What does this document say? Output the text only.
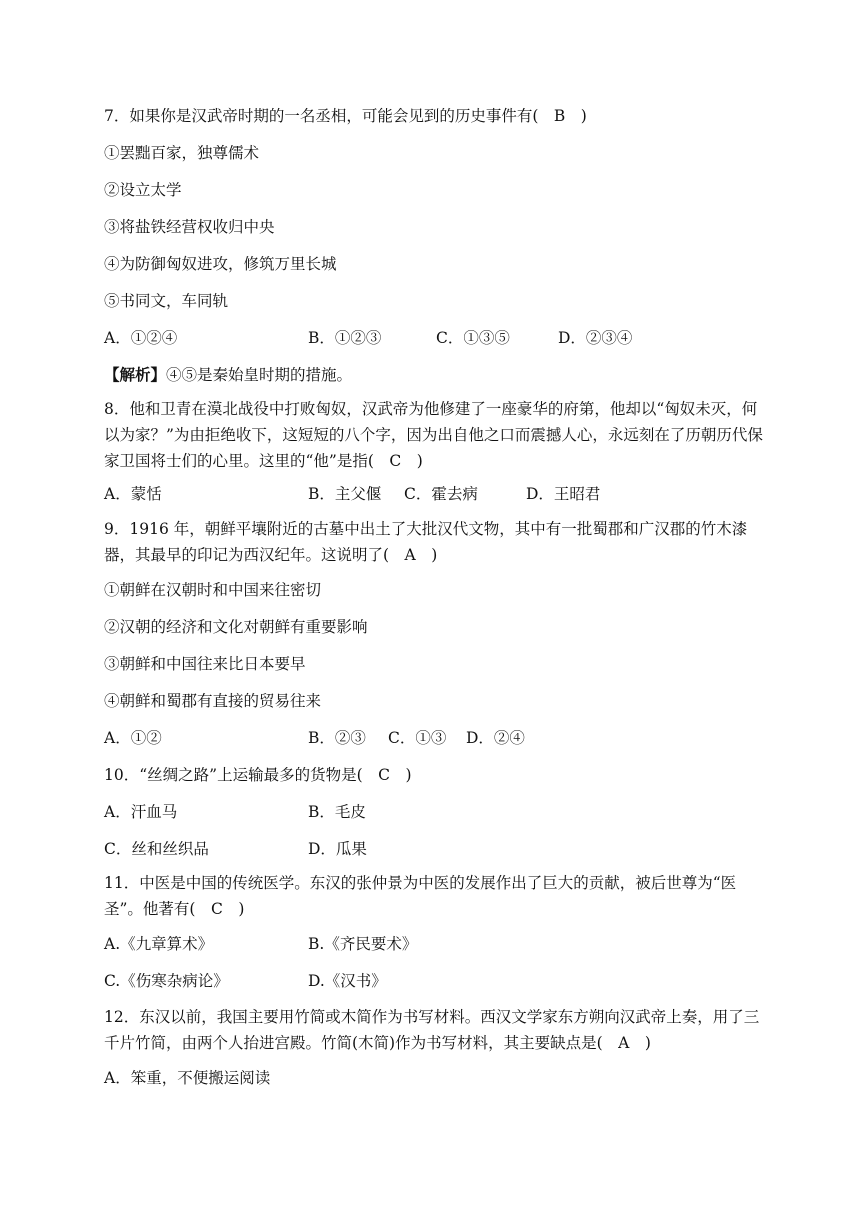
7．如果你是汉武帝时期的一名丞相，可能会见到的历史事件有(　B　)
①罢黜百家，独尊儒术
②设立太学
③将盐铁经营权收归中央
④为防御匈奴进攻，修筑万里长城
⑤书同文，车同轨
A．①②④	B．①②③	C．①③⑤	D．②③④
【解析】④⑤是秦始皇时期的措施。
8．他和卫青在漠北战役中打败匈奴，汉武帝为他修建了一座豪华的府第，他却以“匈奴未灭，何以为家？”为由拒绝收下，这短短的八个字，因为出自他之口而震撼人心，永远刻在了历朝历代保家卫国将士们的心里。这里的“他”是指(　C　)
A．蒙恬	B．主父偃 C．霍去病	D．王昭君
9．1916 年，朝鲜平壤附近的古墓中出土了大批汉代文物，其中有一批蜀郡和广汉郡的竹木漆器，其最早的印记为西汉纪年。这说明了(　A　)
①朝鲜在汉朝时和中国来往密切
②汉朝的经济和文化对朝鲜有重要影响
③朝鲜和中国往来比日本要早
④朝鲜和蜀郡有直接的贸易往来
A．①②	B．②③ C．①③ D．②④
10．“丝绸之路”上运输最多的货物是(　C　)
A．汗血马	B．毛皮
C．丝和丝织品	D．瓜果
11．中医是中国的传统医学。东汉的张仲景为中医的发展作出了巨大的贡献，被后世尊为“医圣”。他著有(　C　)
A.《九章算术》	B.《齐民要术》
C.《伤寒杂病论》	D.《汉书》
12．东汉以前，我国主要用竹简或木简作为书写材料。西汉文学家东方朔向汉武帝上奏，用了三千片竹简，由两个人抬进宫殿。竹简(木简)作为书写材料，其主要缺点是(　A　)
A．笨重，不便搬运阅读
